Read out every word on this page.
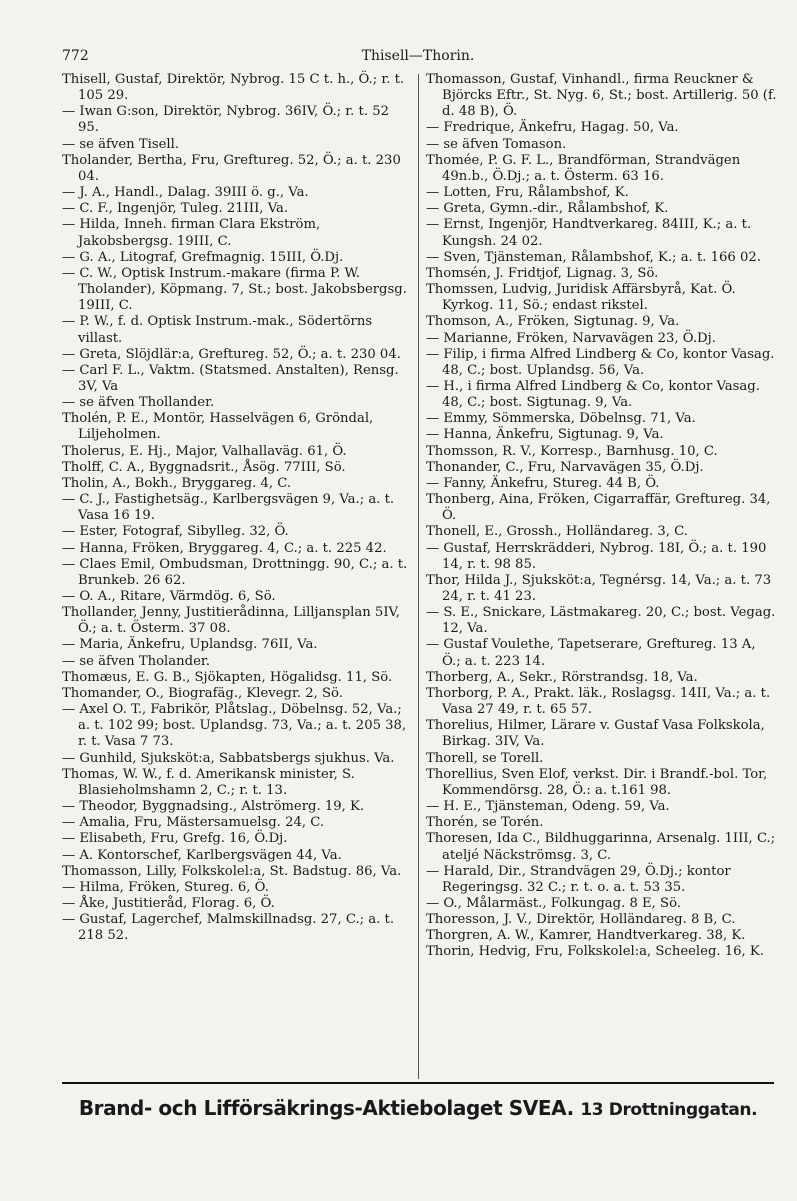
772	Thisell—Thorin.

Thisell, Gustaf, Direktör, Nybrog. 15 C t. h., Ö.; r. t. 105 29.

— Iwan G:son, Direktör, Nybrog. 36IV, Ö.; r. t. 52 95.

— se äfven Tisell.

Tholander, Bertha, Fru, Greftureg. 52, Ö.; a. t. 230 04.

— J. A., Handl., Dalag. 39III ö. g., Va.

— C. F., Ingenjör, Tuleg. 21III, Va.

— Hilda, Inneh. firman Clara Ekström, Jakobsbergsg. 19III, C.

— G. A., Litograf, Grefmagnig. 15III, Ö.Dj.

— C. W., Optisk Instrum.-makare (firma P. W. Tholander), Köpmang. 7, St.; bost. Jakobsbergsg. 19III, C.

— P. W., f. d. Optisk Instrum.-mak., Södertörns villast.

— Greta, Slöjdlär:a, Greftureg. 52, Ö.; a. t. 230 04.

— Carl F. L., Vaktm. (Statsmed. Anstalten), Rensg. 3V, Va

— se äfven Thollander.

Tholén, P. E., Montör, Hasselvägen 6, Gröndal, Liljeholmen.

Tholerus, E. Hj., Major, Valhallaväg. 61, Ö.

Tholff, C. A., Byggnadsrit., Åsög. 77III, Sö.

Tholin, A., Bokh., Bryggareg. 4, C.

— C. J., Fastighetsäg., Karlbergsvägen 9, Va.; a. t. Vasa 16 19.

— Ester, Fotograf, Sibylleg. 32, Ö.

— Hanna, Fröken, Bryggareg. 4, C.; a. t. 225 42.

— Claes Emil, Ombudsman, Drottningg. 90, C.; a. t. Brunkeb. 26 62.

— O. A., Ritare, Värmdög. 6, Sö.

Thollander, Jenny, Justitierådinna, Lilljansplan 5IV, Ö.; a. t. Österm. 37 08.

— Maria, Änkefru, Uplandsg. 76II, Va.

— se äfven Tholander.

Thomæus, E. G. B., Sjökapten, Högalidsg. 11, Sö.

Thomander, O., Biografäg., Klevegr. 2, Sö.

— Axel O. T., Fabrikör, Plåtslag., Döbelnsg. 52, Va.; a. t. 102 99; bost. Uplandsg. 73, Va.; a. t. 205 38, r. t. Vasa 7 73.

— Gunhild, Sjuksköt:a, Sabbatsbergs sjukhus. Va.

Thomas, W. W., f. d. Amerikansk minister, S. Blasieholmshamn 2, C.; r. t. 13.

— Theodor, Byggnadsing., Alströmerg. 19, K.

— Amalia, Fru, Mästersamuelsg. 24, C.

— Elisabeth, Fru, Grefg. 16, Ö.Dj.

— A. Kontorschef, Karlbergsvägen 44, Va.

Thomasson, Lilly, Folkskolel:a, St. Badstug. 86, Va.

— Hilma, Fröken, Stureg. 6, Ö.

— Åke, Justitieråd, Florag. 6, Ö.

— Gustaf, Lagerchef, Malmskillnadsg. 27, C.; a. t. 218 52.

Thomasson, Gustaf, Vinhandl., firma Reuckner & Björcks Eftr., St. Nyg. 6, St.; bost. Artillerig. 50 (f. d. 48 B), Ö.

— Fredrique, Änkefru, Hagag. 50, Va.

— se äfven Tomason.

Thomée, P. G. F. L., Brandförman, Strandvägen 49n.b., Ö.Dj.; a. t. Österm. 63 16.

— Lotten, Fru, Rålambshof, K.

— Greta, Gymn.-dir., Rålambshof, K.

— Ernst, Ingenjör, Handtverkareg. 84III, K.; a. t. Kungsh. 24 02.

— Sven, Tjänsteman, Rålambshof, K.; a. t. 166 02.

Thomsén, J. Fridtjof, Lignag. 3, Sö.

Thomssen, Ludvig, Juridisk Affärsbyrå, Kat. Ö. Kyrkog. 11, Sö.; endast rikstel.

Thomson, A., Fröken, Sigtunag. 9, Va.

— Marianne, Fröken, Narvavägen 23, Ö.Dj.

— Filip, i firma Alfred Lindberg & Co, kontor Vasag. 48, C.; bost. Uplandsg. 56, Va.

— H., i firma Alfred Lindberg & Co, kontor Vasag. 48, C.; bost. Sigtunag. 9, Va.

— Emmy, Sömmerska, Döbelnsg. 71, Va.

— Hanna, Änkefru, Sigtunag. 9, Va.

Thomsson, R. V., Korresp., Barnhusg. 10, C.

Thonander, C., Fru, Narvavägen 35, Ö.Dj.

— Fanny, Änkefru, Stureg. 44 B, Ö.

Thonberg, Aina, Fröken, Cigarraffär, Greftureg. 34, Ö.

Thonell, E., Grossh., Holländareg. 3, C.

— Gustaf, Herrskrädderi, Nybrog. 18I, Ö.; a. t. 190 14, r. t. 98 85.

Thor, Hilda J., Sjuksköt:a, Tegnérsg. 14, Va.; a. t. 73 24, r. t. 41 23.

— S. E., Snickare, Lästmakareg. 20, C.; bost. Vegag. 12, Va.

— Gustaf Voulethe, Tapetserare, Greftureg. 13 A, Ö.; a. t. 223 14.

Thorberg, A., Sekr., Rörstrandsg. 18, Va.

Thorborg, P. A., Prakt. läk., Roslagsg. 14II, Va.; a. t. Vasa 27 49, r. t. 65 57.

Thorelius, Hilmer, Lärare v. Gustaf Vasa Folkskola, Birkag. 3IV, Va.

Thorell, se Torell.

Thorellius, Sven Elof, verkst. Dir. i Brandf.-bol. Tor, Kommendörsg. 28, Ö.: a. t.161 98.

— H. E., Tjänsteman, Odeng. 59, Va.

Thorén, se Torén.

Thoresen, Ida C., Bildhuggarinna, Arsenalg. 1III, C.; ateljé Näckströmsg. 3, C.

— Harald, Dir., Strandvägen 29, Ö.Dj.; kontor Regeringsg. 32 C.; r. t. o. a. t. 53 35.

— O., Målarmäst., Folkungag. 8 E, Sö.

Thoresson, J. V., Direktör, Holländareg. 8 B, C.

Thorgren, A. W., Kamrer, Handtverkareg. 38, K.

Thorin, Hedvig, Fru, Folkskolel:a, Scheeleg. 16, K.

Brand- och Lifförsäkrings-Aktiebolaget SVEA. 13 Drottninggatan.
